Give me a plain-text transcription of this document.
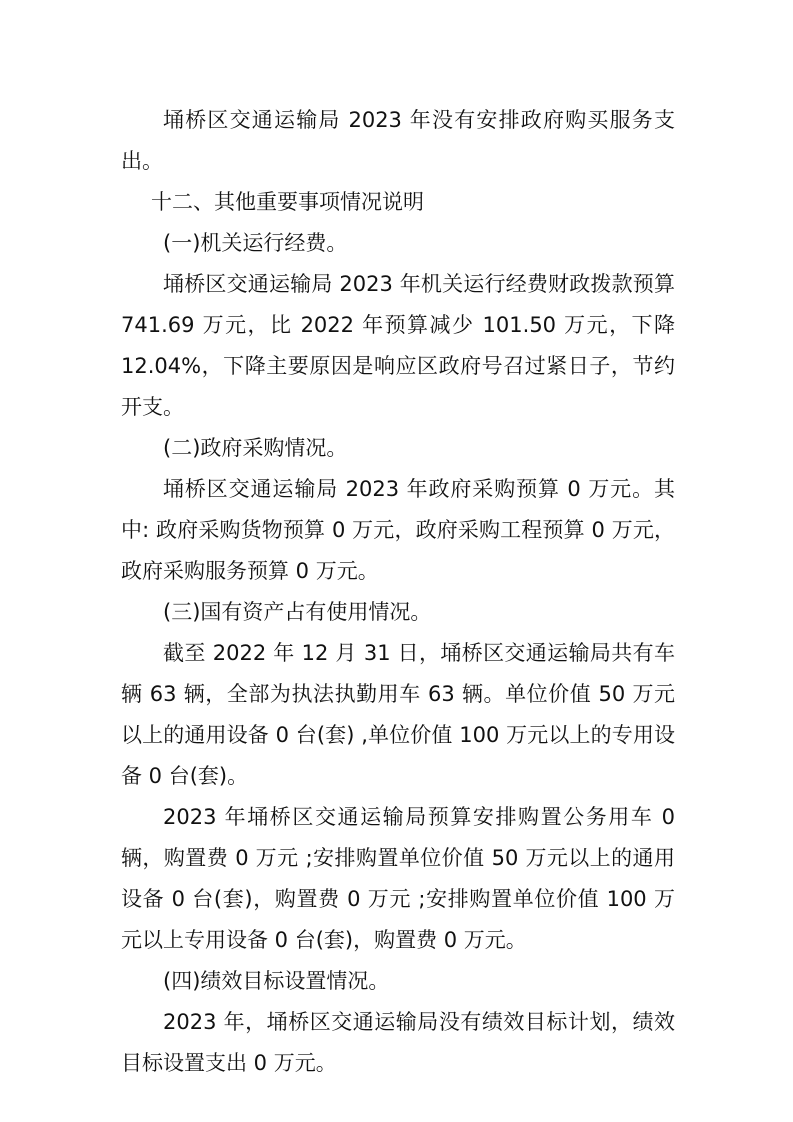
埇桥区交通运输局 2023 年没有安排政府购买服务支出。

十二、其他重要事项情况说明

(一)机关运行经费。

埇桥区交通运输局 2023 年机关运行经费财政拨款预算 741.69 万元，比 2022 年预算减少 101.50 万元，下降 12.04%，下降主要原因是响应区政府号召过紧日子，节约开支。

(二)政府采购情况。

埇桥区交通运输局 2023 年政府采购预算 0 万元。其中: 政府采购货物预算 0 万元，政府采购工程预算 0 万元，政府采购服务预算 0 万元。

(三)国有资产占有使用情况。

截至 2022 年 12 月 31 日，埇桥区交通运输局共有车辆 63 辆，全部为执法执勤用车 63 辆。单位价值 50 万元以上的通用设备 0 台(套) ,单位价值 100 万元以上的专用设备 0 台(套)。

2023 年埇桥区交通运输局预算安排购置公务用车 0 辆，购置费 0 万元 ;安排购置单位价值 50 万元以上的通用设备 0 台(套)，购置费 0 万元 ;安排购置单位价值 100 万元以上专用设备 0 台(套)，购置费 0 万元。

(四)绩效目标设置情况。

2023 年，埇桥区交通运输局没有绩效目标计划，绩效目标设置支出 0 万元。
